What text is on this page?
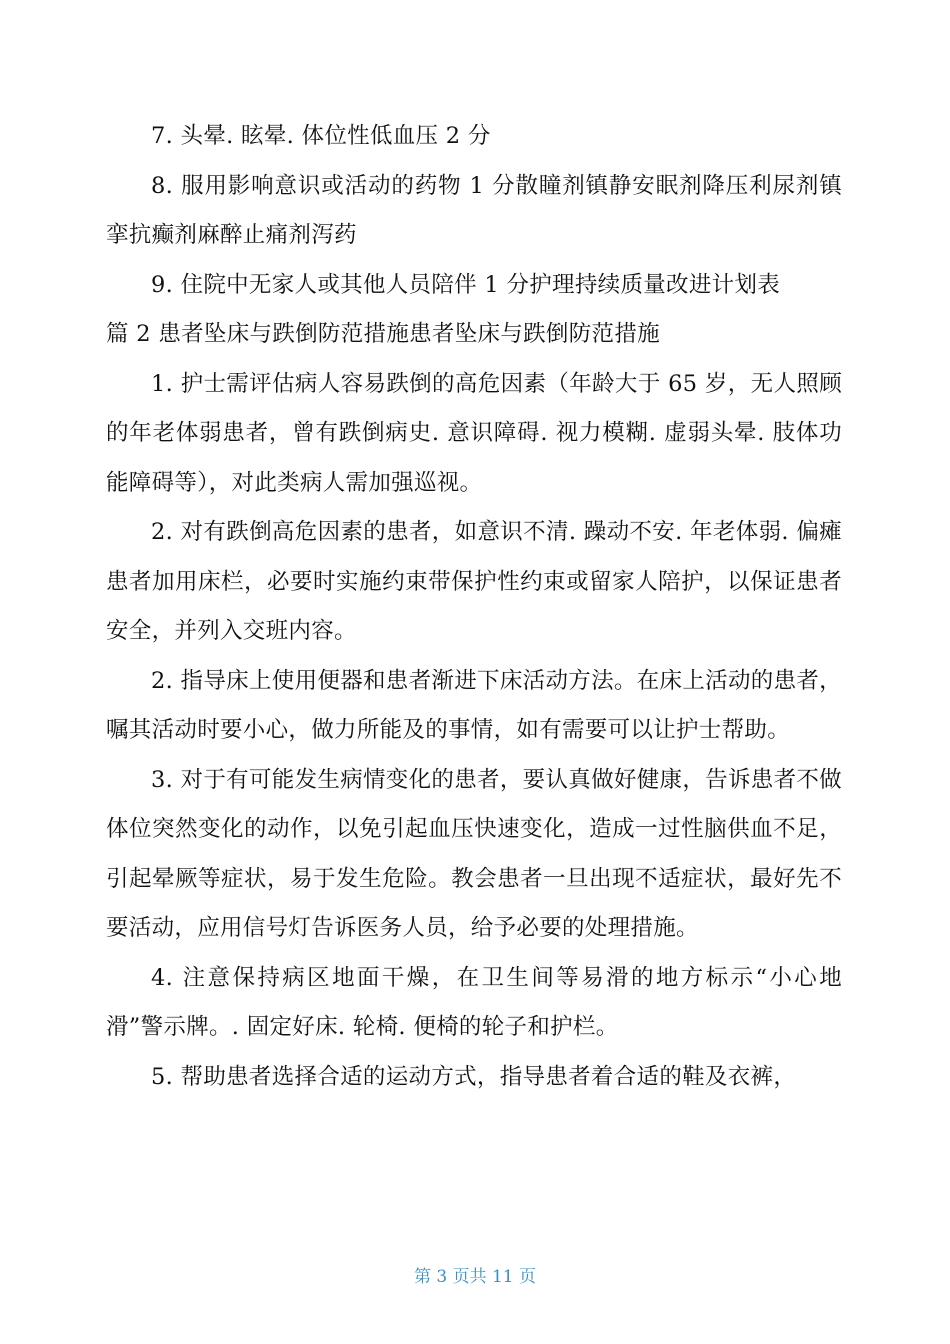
7. 头晕. 眩晕. 体位性低血压 2 分

8. 服用影响意识或活动的药物 1 分散瞳剂镇静安眠剂降压利尿剂镇挛抗癫剂麻醉止痛剂泻药

9. 住院中无家人或其他人员陪伴 1 分护理持续质量改进计划表

篇 2 患者坠床与跌倒防范措施患者坠床与跌倒防范措施

1. 护士需评估病人容易跌倒的高危因素（年龄大于 65 岁，无人照顾的年老体弱患者，曾有跌倒病史. 意识障碍. 视力模糊. 虚弱头晕. 肢体功能障碍等），对此类病人需加强巡视。

2. 对有跌倒高危因素的患者，如意识不清. 躁动不安. 年老体弱. 偏瘫患者加用床栏，必要时实施约束带保护性约束或留家人陪护，以保证患者安全，并列入交班内容。

2. 指导床上使用便器和患者渐进下床活动方法。在床上活动的患者，嘱其活动时要小心，做力所能及的事情，如有需要可以让护士帮助。

3. 对于有可能发生病情变化的患者，要认真做好健康，告诉患者不做体位突然变化的动作，以免引起血压快速变化，造成一过性脑供血不足，引起晕厥等症状，易于发生危险。教会患者一旦出现不适症状，最好先不要活动，应用信号灯告诉医务人员，给予必要的处理措施。

4. 注意保持病区地面干燥，在卫生间等易滑的地方标示“小心地滑”警示牌。. 固定好床. 轮椅. 便椅的轮子和护栏。

5. 帮助患者选择合适的运动方式，指导患者着合适的鞋及衣裤，

第 3 页共 11 页
